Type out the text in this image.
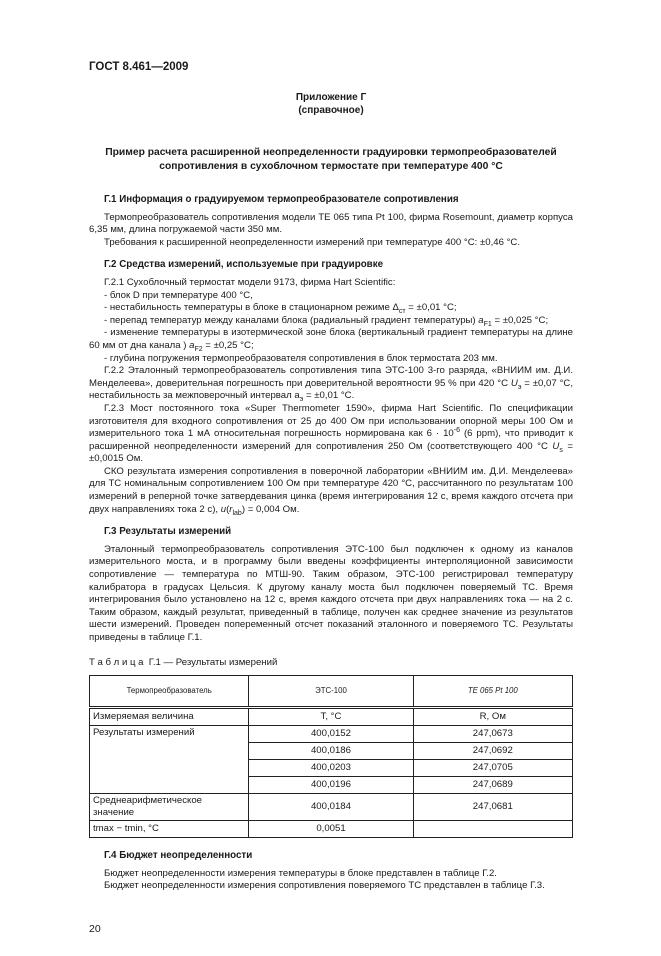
ГОСТ 8.461—2009
Приложение Г
(справочное)
Пример расчета расширенной неопределенности градуировки термопреобразователей
сопротивления в сухоблочном термостате при температуре 400 °С
Г.1 Информация о градуируемом термопреобразователе сопротивления

Термопреобразователь сопротивления модели TE 065 типа Pt 100, фирма Rosemount, диаметр корпуса 6,35 мм, длина погружаемой части 350 мм.

Требования к расширенной неопределенности измерений при температуре 400 °С: ±0,46 °С.

Г.2 Средства измерений, используемые при градуировке

Г.2.1 Сухоблочный термостат модели 9173, фирма Hart Scientific:

- блок D при температуре 400 °С,

- нестабильность температуры в блоке в стационарном режиме $\Delta_{ст} = \pm 0,01$ °С;

- перепад температур между каналами блока (радиальный градиент температуры) $a_{F1} = \pm 0,025$ °С;

- изменение температуры в изотермической зоне блока (вертикальный градиент температуры на длине 60 мм от дна канала ) $a_{F2} = \pm 0,25$ °С;

- глубина погружения термопреобразователя сопротивления в блок термостата 203 мм.

Г.2.2 Эталонный термопреобразователь сопротивления типа ЭТС-100 3-го разряда, «ВНИИМ им. Д.И. Менделеева», доверительная погрешность при доверительной вероятности 95 % при 420 °С $U_э = \pm 0,07$ °С, нестабильность за межповерочный интервал $a_э = \pm 0,01$ °С.

Г.2.3 Мост постоянного тока «Super Thermometer 1590», фирма Hart Scientific. По спецификации изготовителя для входного сопротивления от 25 до 400 Ом при использовании опорной меры 100 Ом и измерительного тока 1 мА относительная погрешность нормирована как $6 \cdot 10^{-6}$ (6 ppm), что приводит к расширенной неопределенности измерений для сопротивления 250 Ом (соответствующего 400 °С $U_s = \pm 0,0015$ Ом.

СКО результата измерения сопротивления в поверочной лаборатории «ВНИИМ им. Д.И. Менделеева» для ТС номинальным сопротивлением 100 Ом при температуре 420 °С, рассчитанного по результатам 100 измерений в реперной точке затвердевания цинка (время интегрирования 12 с, время каждого отсчета при двух направлениях тока 2 с), $u(r_{lab}) = 0,004$ Ом.

Г.3 Результаты измерений

Эталонный термопреобразователь сопротивления ЭТС-100 был подключен к одному из каналов измерительного моста, и в программу были введены коэффициенты интерполяционной зависимости сопротивление — температура по МТШ-90. Таким образом, ЭТС-100 регистрировал температуру калибратора в градусах Цельсия. К другому каналу моста был подключен поверяемый ТС. Время интегрирования было установлено на 12 с, время каждого отсчета при двух направлениях тока — на 2 с. Таким образом, каждый результат, приведенный в таблице, получен как среднее значение из результатов шести измерений. Проведен попеременный отсчет показаний эталонного и поверяемого ТС. Результаты приведены в таблице Г.1.

Т а б л и ц а  Г.1 — Результаты измерений
Термопреобразователь	ЭТС-100	TE 065 Pt 100
Измеряемая величина	T, °С	R, Ом
Результаты измерений	400,0152	247,0673
	400,0186	247,0692
	400,0203	247,0705
	400,0196	247,0689
Среднеарифметическое значение	400,0184	247,0681
tmax − tmin, °С	0,0051	
Г.4 Бюджет неопределенности

Бюджет неопределенности измерения температуры в блоке представлен в таблице Г.2.

Бюджет неопределенности измерения сопротивления поверяемого ТС представлен в таблице Г.3.

20
